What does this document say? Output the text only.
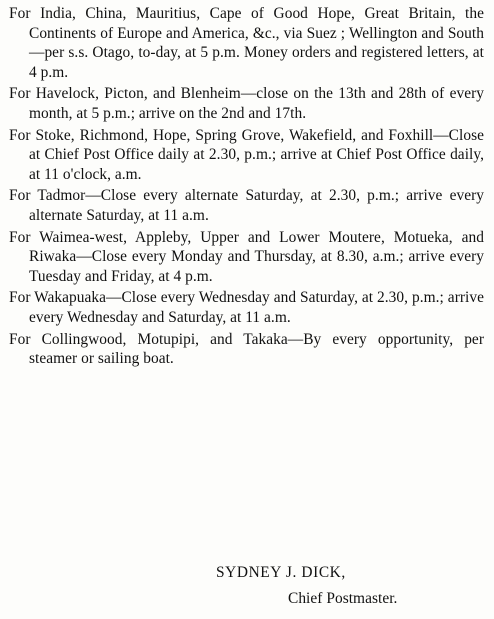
For India, China, Mauritius, Cape of Good Hope, Great Britain, the Continents of Europe and America, &c., via Suez ; Wellington and South—per s.s. Otago, to-day, at 5 p.m. Money orders and registered letters, at 4 p.m.
For Havelock, Picton, and Blenheim—close on the 13th and 28th of every month, at 5 p.m.; arrive on the 2nd and 17th.
For Stoke, Richmond, Hope, Spring Grove, Wakefield, and Foxhill—Close at Chief Post Office daily at 2.30, p.m.; arrive at Chief Post Office daily, at 11 o'clock, a.m.
For Tadmor—Close every alternate Saturday, at 2.30, p.m.; arrive every alternate Saturday, at 11 a.m.
For Waimea-west, Appleby, Upper and Lower Moutere, Motueka, and Riwaka—Close every Monday and Thursday, at 8.30, a.m.; arrive every Tuesday and Friday, at 4 p.m.
For Wakapuaka—Close every Wednesday and Saturday, at 2.30, p.m.; arrive every Wednesday and Saturday, at 11 a.m.
For Collingwood, Motupipi, and Takaka—By every opportunity, per steamer or sailing boat.
SYDNEY J. DICK,
Chief Postmaster.
